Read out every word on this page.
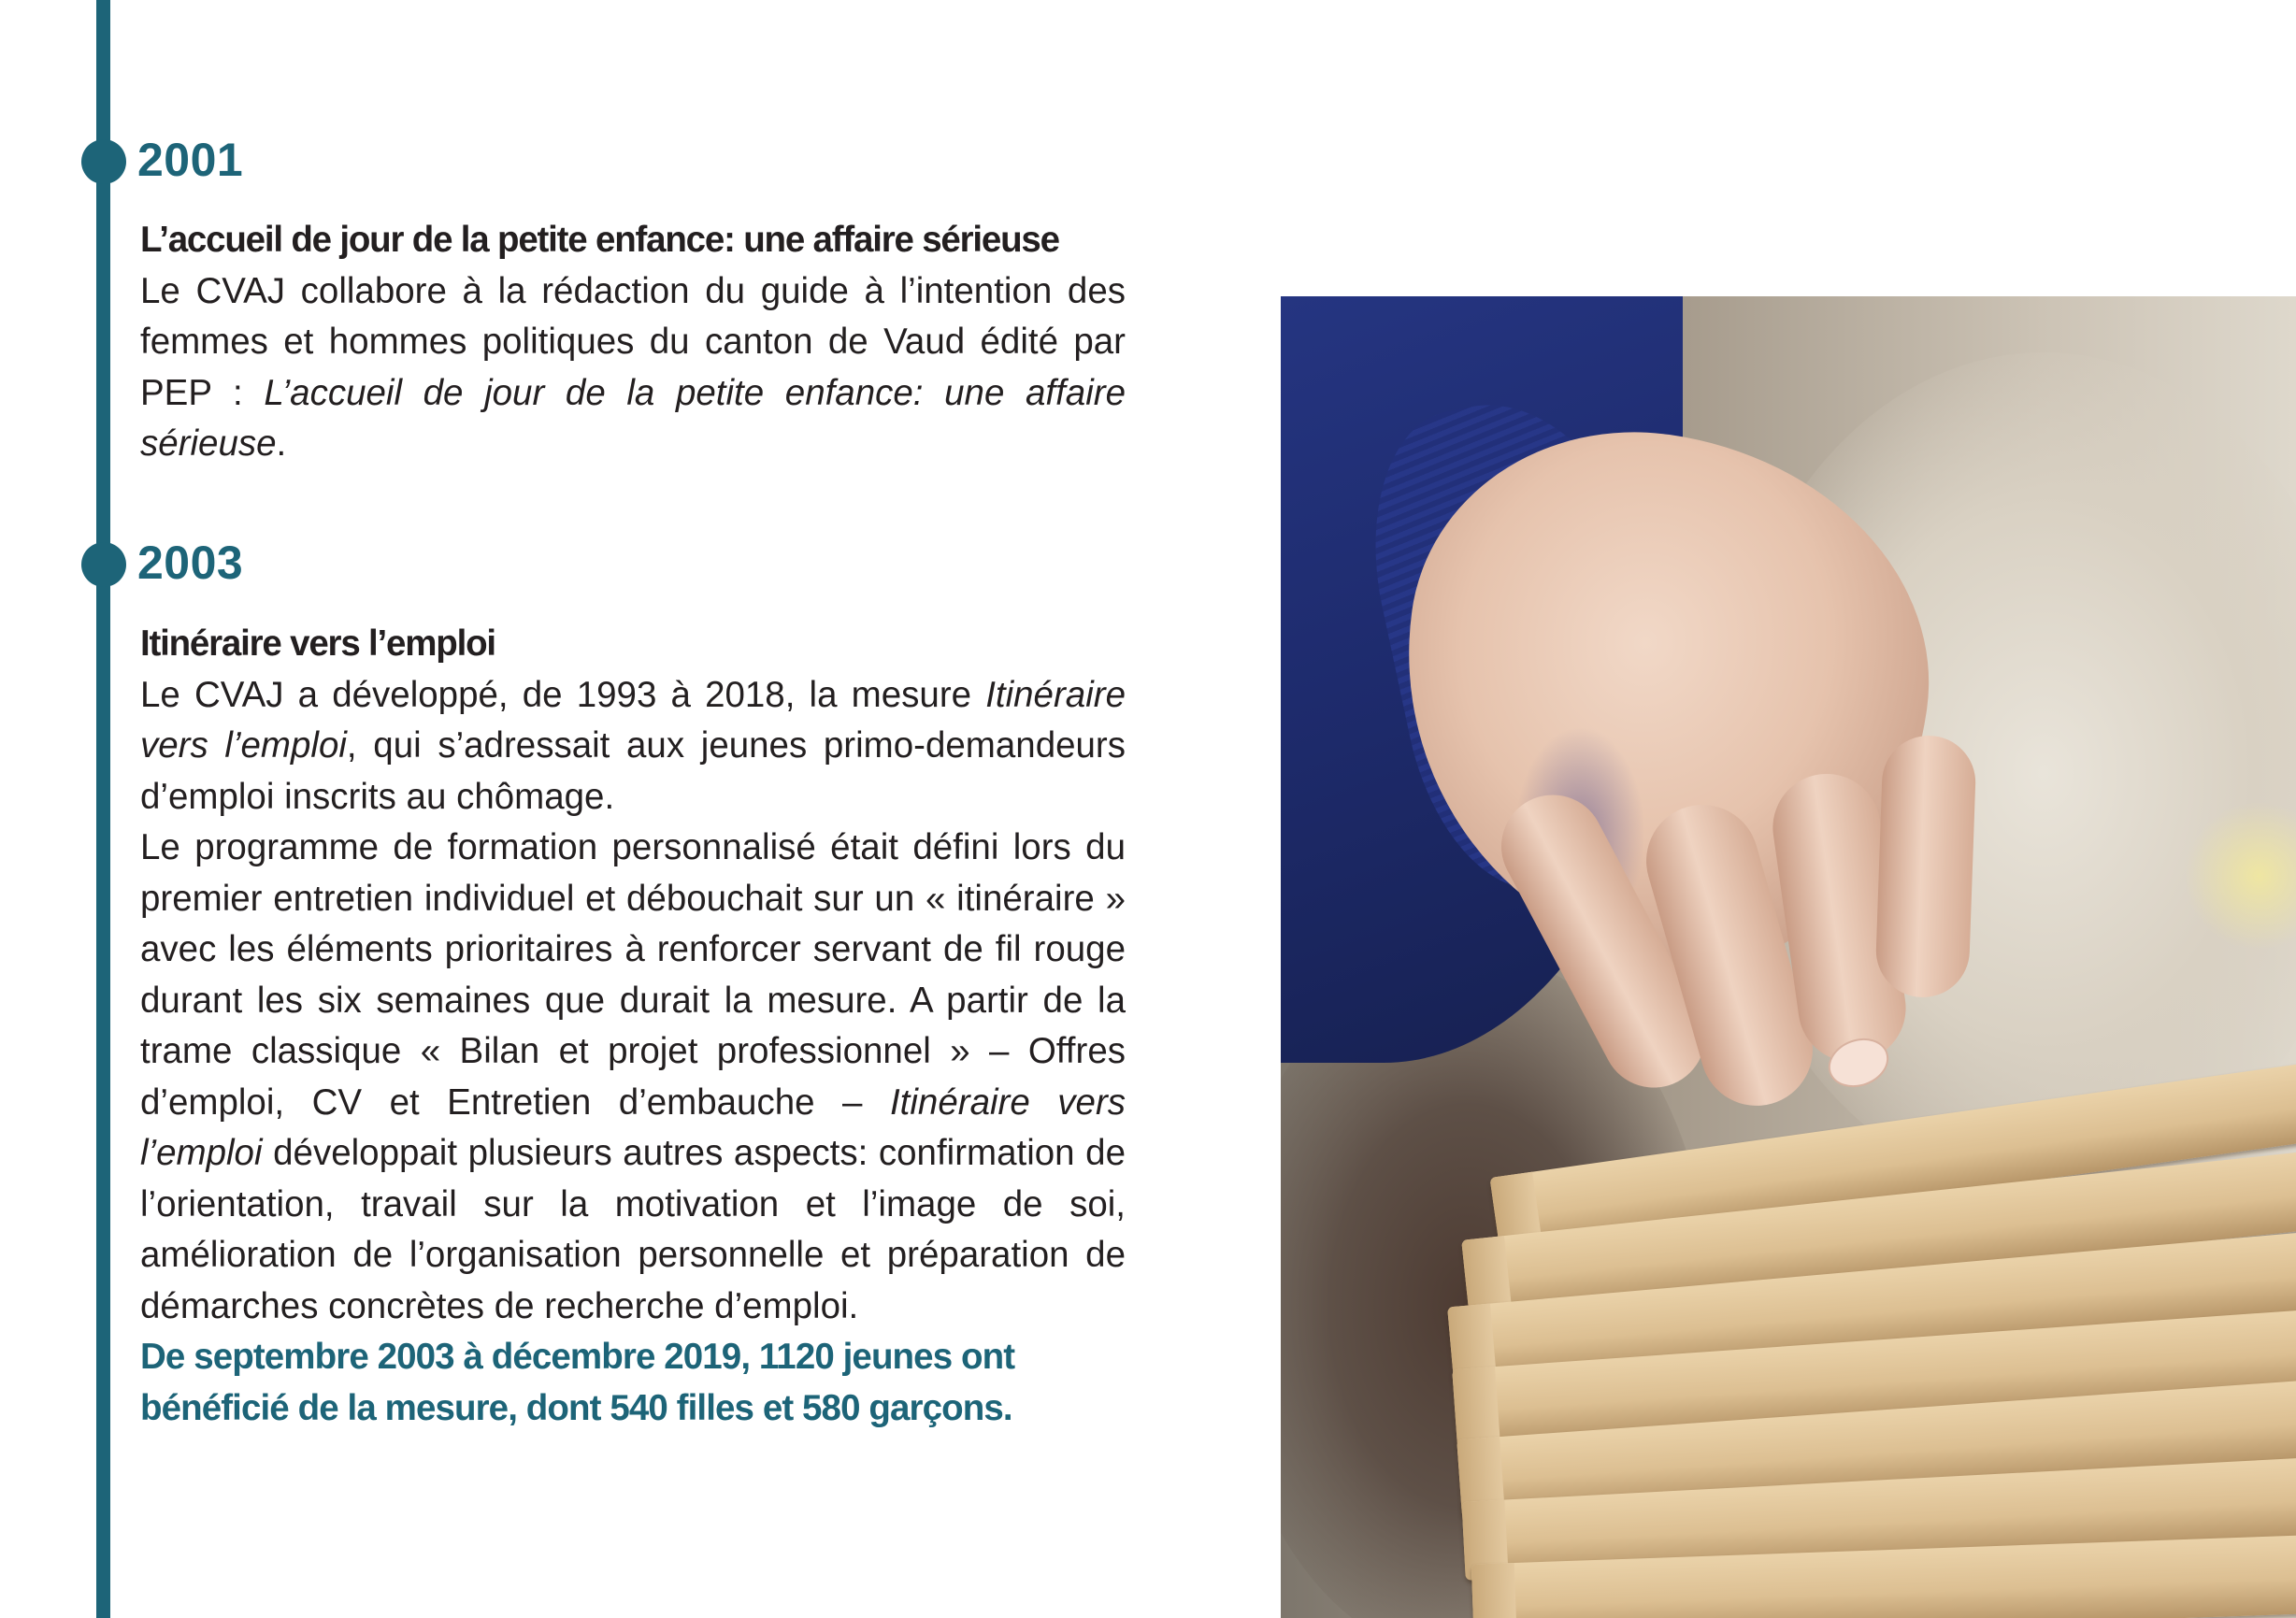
2001
L’accueil de jour de la petite enfance: une affaire sérieuse
Le CVAJ collabore à la rédaction du guide à l’intention des femmes et hommes politiques du canton de Vaud édité par PEP : L’accueil de jour de la petite enfance: une affaire sérieuse.
2003
Itinéraire vers l’emploi
Le CVAJ a développé, de 1993 à 2018, la mesure Itinéraire vers l’emploi, qui s’adressait aux jeunes primo-demandeurs d’emploi inscrits au chômage.
Le programme de formation personnalisé était défini lors du premier entretien individuel et débouchait sur un « itinéraire » avec les éléments prioritaires à renforcer servant de fil rouge durant les six semaines que durait la mesure. A partir de la trame classique « Bilan et projet professionnel » – Offres d’emploi, CV et Entretien d’embauche – Itinéraire vers l’emploi développait plusieurs autres aspects: confirmation de l’orientation, travail sur la motivation et l’image de soi, amélioration de l’organisation personnelle et préparation de démarches concrètes de recherche d’emploi.
De septembre 2003 à décembre 2019, 1120 jeunes ont bénéficié de la mesure, dont 540 filles et 580 garçons.
